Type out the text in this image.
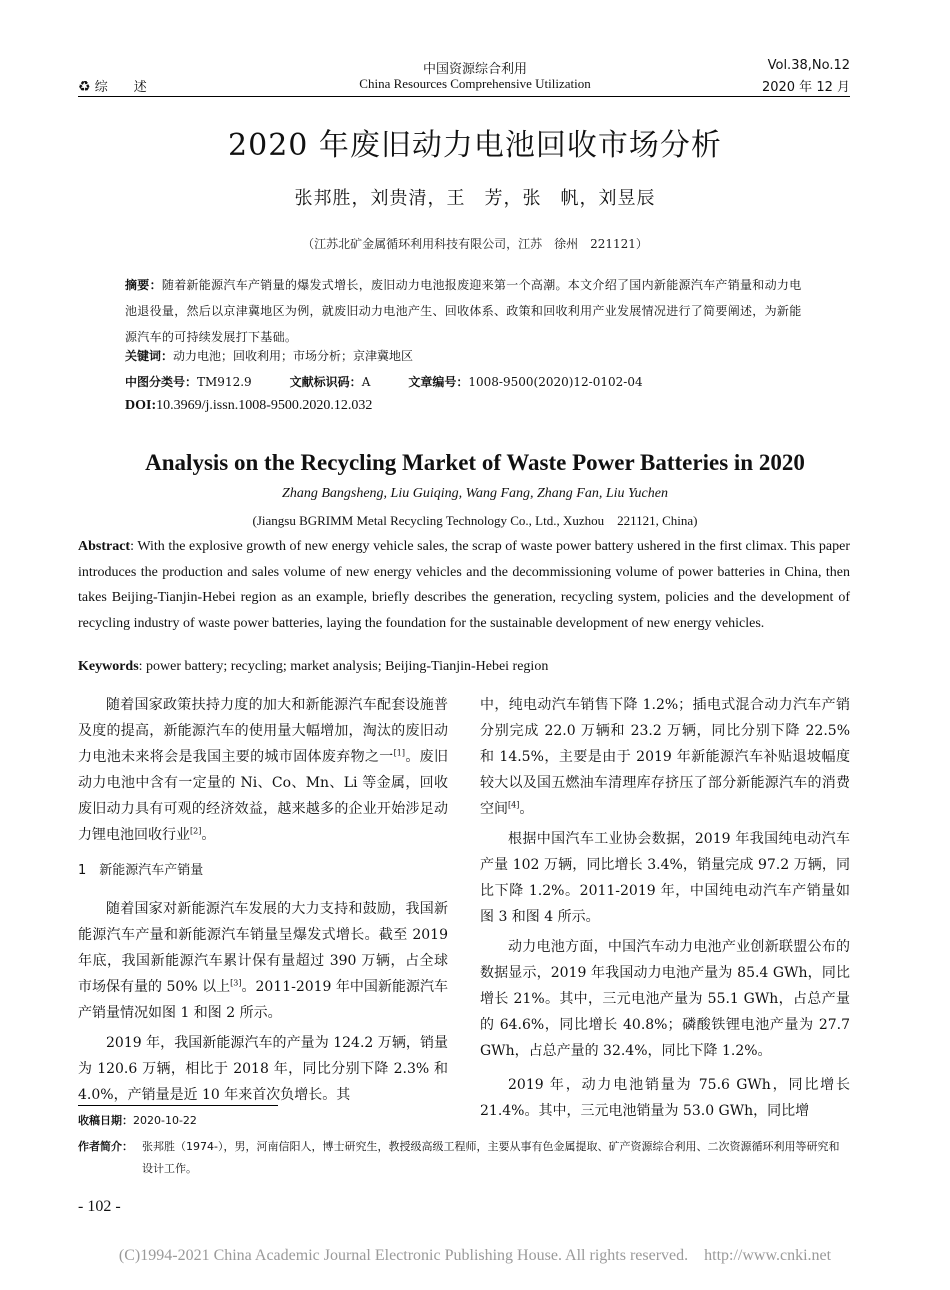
♻ 综　　述
中国资源综合利用
China Resources Comprehensive Utilization
Vol.38,No.12
2020 年 12 月
2020 年废旧动力电池回收市场分析
张邦胜，刘贵清，王　芳，张　帆，刘昱辰
（江苏北矿金属循环利用科技有限公司，江苏　徐州　221121）
摘要：随着新能源汽车产销量的爆发式增长，废旧动力电池报废迎来第一个高潮。本文介绍了国内新能源汽车产销量和动力电池退役量，然后以京津冀地区为例，就废旧动力电池产生、回收体系、政策和回收利用产业发展情况进行了简要阐述，为新能源汽车的可持续发展打下基础。
关键词：动力电池；回收利用；市场分析；京津冀地区
中图分类号：TM912.9	文献标识码：A	文章编号：1008-9500(2020)12-0102-04
DOI:10.3969/j.issn.1008-9500.2020.12.032
Analysis on the Recycling Market of Waste Power Batteries in 2020
Zhang Bangsheng, Liu Guiqing, Wang Fang, Zhang Fan, Liu Yuchen
(Jiangsu BGRIMM Metal Recycling Technology Co., Ltd., Xuzhou　221121, China)
Abstract: With the explosive growth of new energy vehicle sales, the scrap of waste power battery ushered in the first climax. This paper introduces the production and sales volume of new energy vehicles and the decommissioning volume of power batteries in China, then takes Beijing-Tianjin-Hebei region as an example, briefly describes the generation, recycling system, policies and the development of recycling industry of waste power batteries, laying the foundation for the sustainable development of new energy vehicles.
Keywords: power battery; recycling; market analysis; Beijing-Tianjin-Hebei region

随着国家政策扶持力度的加大和新能源汽车配套设施普及度的提高，新能源汽车的使用量大幅增加，淘汰的废旧动力电池未来将会是我国主要的城市固体废弃物之一[1]。废旧动力电池中含有一定量的 Ni、Co、Mn、Li 等金属，回收废旧动力具有可观的经济效益，越来越多的企业开始涉足动力锂电池回收行业[2]。

1　新能源汽车产销量

随着国家对新能源汽车发展的大力支持和鼓励，我国新能源汽车产量和新能源汽车销量呈爆发式增长。截至 2019 年底，我国新能源汽车累计保有量超过 390 万辆，占全球市场保有量的 50% 以上[3]。2011-2019 年中国新能源汽车产销量情况如图 1 和图 2 所示。

2019 年，我国新能源汽车的产量为 124.2 万辆，销量为 120.6 万辆，相比于 2018 年，同比分别下降 2.3% 和 4.0%，产销量是近 10 年来首次负增长。其

中，纯电动汽车销售下降 1.2%；插电式混合动力汽车产销分别完成 22.0 万辆和 23.2 万辆，同比分别下降 22.5% 和 14.5%，主要是由于 2019 年新能源汽车补贴退坡幅度较大以及国五燃油车清理库存挤压了部分新能源汽车的消费空间[4]。

根据中国汽车工业协会数据，2019 年我国纯电动汽车产量 102 万辆，同比增长 3.4%，销量完成 97.2 万辆，同比下降 1.2%。2011-2019 年，中国纯电动汽车产销量如图 3 和图 4 所示。

动力电池方面，中国汽车动力电池产业创新联盟公布的数据显示，2019 年我国动力电池产量为 85.4 GWh，同比增长 21%。其中，三元电池产量为 55.1 GWh，占总产量的 64.6%，同比增长 40.8%；磷酸铁锂电池产量为 27.7 GWh，占总产量的 32.4%，同比下降 1.2%。

2019 年，动力电池销量为 75.6 GWh，同比增长 21.4%。其中，三元电池销量为 53.0 GWh，同比增

收稿日期：2020-10-22
作者简介： 张邦胜（1974-），男，河南信阳人，博士研究生，教授级高级工程师，主要从事有色金属提取、矿产资源综合利用、二次资源循环利用等研究和设计工作。
- 102 -
(C)1994-2021 China Academic Journal Electronic Publishing House. All rights reserved.　http://www.cnki.net
